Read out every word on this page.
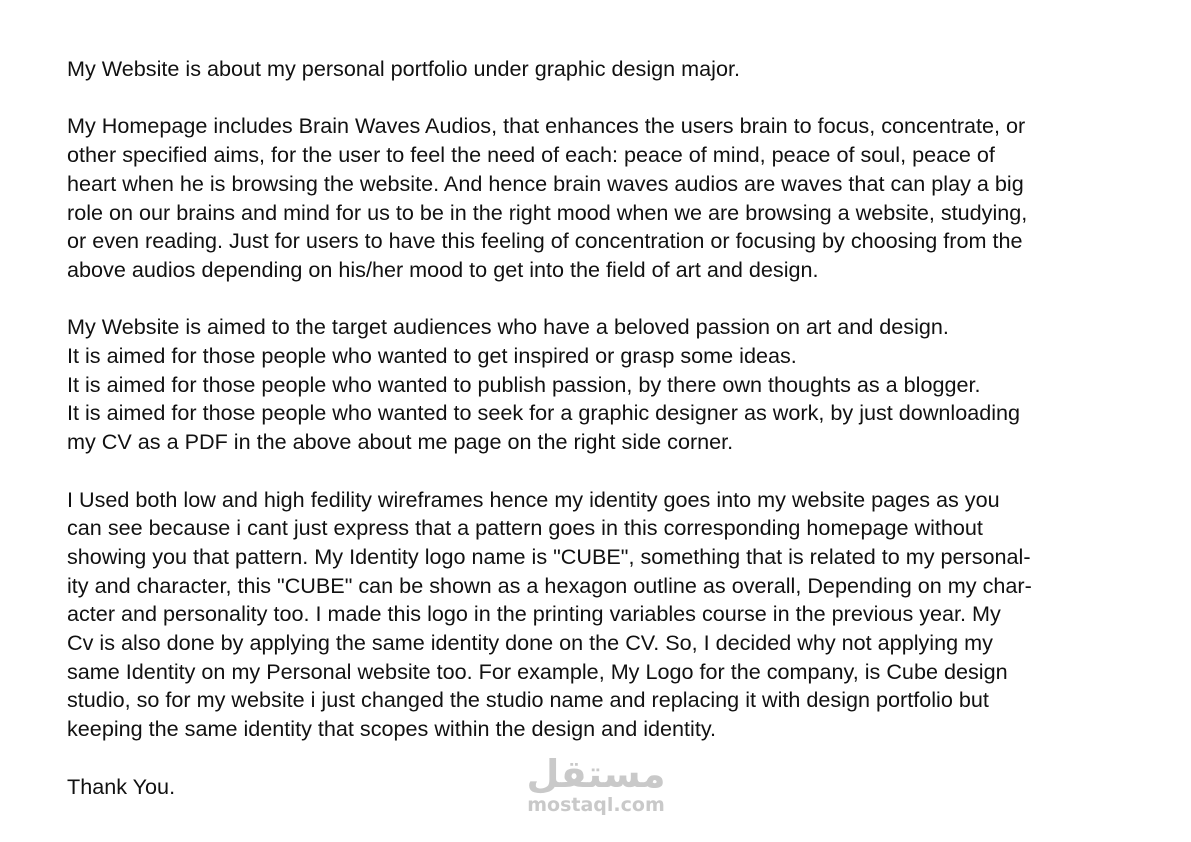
My Website is about my personal portfolio under graphic design major.
My Homepage includes Brain Waves Audios, that enhances the users brain to focus, concentrate, or
other specified aims, for the user to feel the need of each: peace of mind, peace of soul, peace of
heart when he is browsing the website. And hence brain waves audios are waves that can play a big
role on our brains and mind for us to be in the right mood when we are browsing a website, studying,
or even reading. Just for users to have this feeling of concentration or focusing by choosing from the
above audios depending on his/her mood to get into the field of art and design.
My Website is aimed to the target audiences who have a beloved passion on art and design.
It is aimed for those people who wanted to get inspired or grasp some ideas.
It is aimed for those people who wanted to publish passion, by there own thoughts as a blogger.
It is aimed for those people who wanted to seek for a graphic designer as work, by just downloading
my CV as a PDF in the above about me page on the right side corner.
I Used both low and high fedility wireframes hence my identity goes into my website pages as you
can see because i cant just express that a pattern goes in this corresponding homepage without
showing you that pattern. My Identity logo name is "CUBE", something that is related to my personal-
ity and character, this "CUBE" can be shown as a hexagon outline as overall, Depending on my char-
acter and personality too. I made this logo in the printing variables course in the previous year. My
Cv is also done by applying the same identity done on the CV. So, I decided why not applying my
same Identity on my Personal website too. For example, My Logo for the company, is Cube design
studio, so for my website i just changed the studio name and replacing it with design portfolio but
keeping the same identity that scopes within the design and identity.
Thank You.	مستقل
mostaql.com
